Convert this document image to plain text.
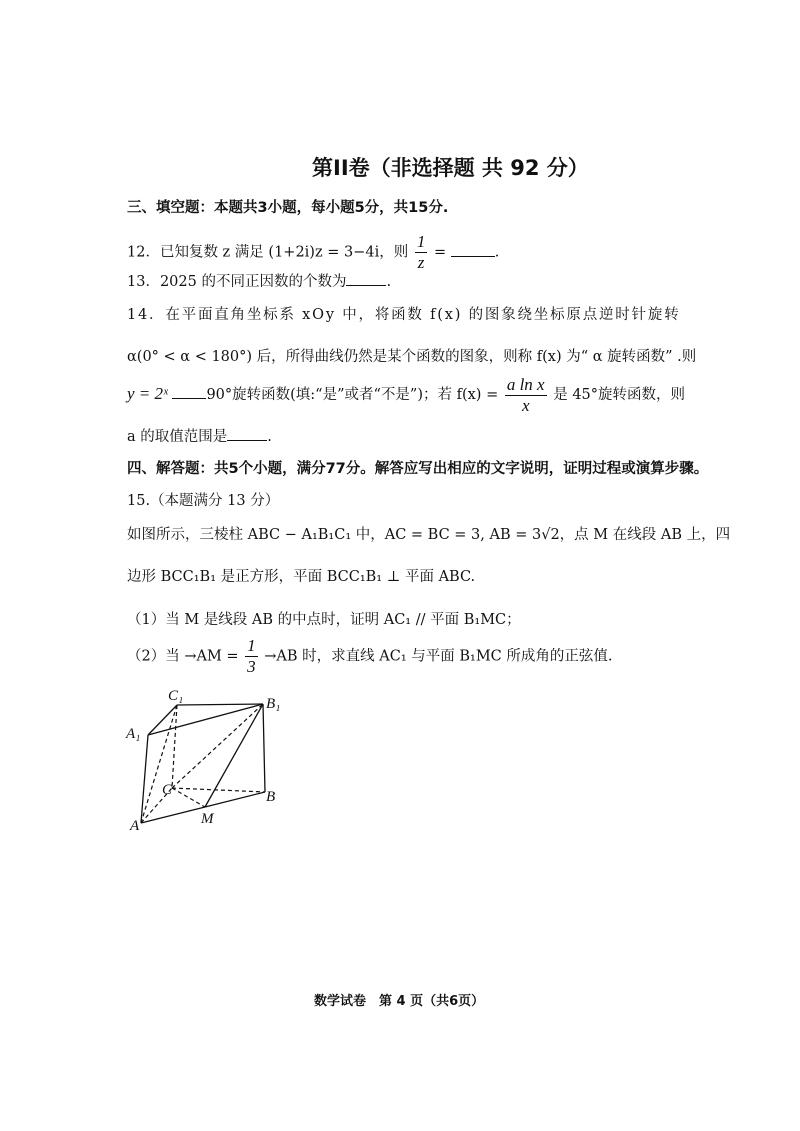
第II卷（非选择题 共 92 分）
三、填空题：本题共3小题，每小题5分，共15分.
12．已知复数 z 满足 (1+2i)z = 3−4i，则 $\frac{1}{z}$ =	.
13．2025 的不同正因数的个数为	.
14．在平面直角坐标系 xOy 中，将函数 f(x) 的图象绕坐标原点逆时针旋转
α(0° < α < 180°) 后，所得曲线仍然是某个函数的图象，则称 f(x) 为“ α 旋转函数” .则
y = 2ˣ	90°旋转函数(填:“是”或者“不是”)；若 $f(x) = \frac{\text{a ln x}}{x}$ 是 45°旋转函数，则
a 的取值范围是	.
四、解答题：共5个小题，满分77分。解答应写出相应的文字说明，证明过程或演算步骤。
15.（本题满分 13 分）
如图所示，三棱柱 ABC − A₁B₁C₁ 中，AC = BC = 3, AB = 3√2，点 M 在线段 AB 上，四
边形 BCC₁B₁ 是正方形，平面 BCC₁B₁ ⊥ 平面 ABC.
（1）当 M 是线段 AB 的中点时，证明 AC₁ // 平面 B₁MC；
（2）当 $\to AM = \frac{1}{3} \to AB$ 时，求直线 AC₁ 与平面 B₁MC 所成角的正弦值.
C₁	B₁
A₁
C	B
A	M
数学试卷　第 4 页（共6页）
